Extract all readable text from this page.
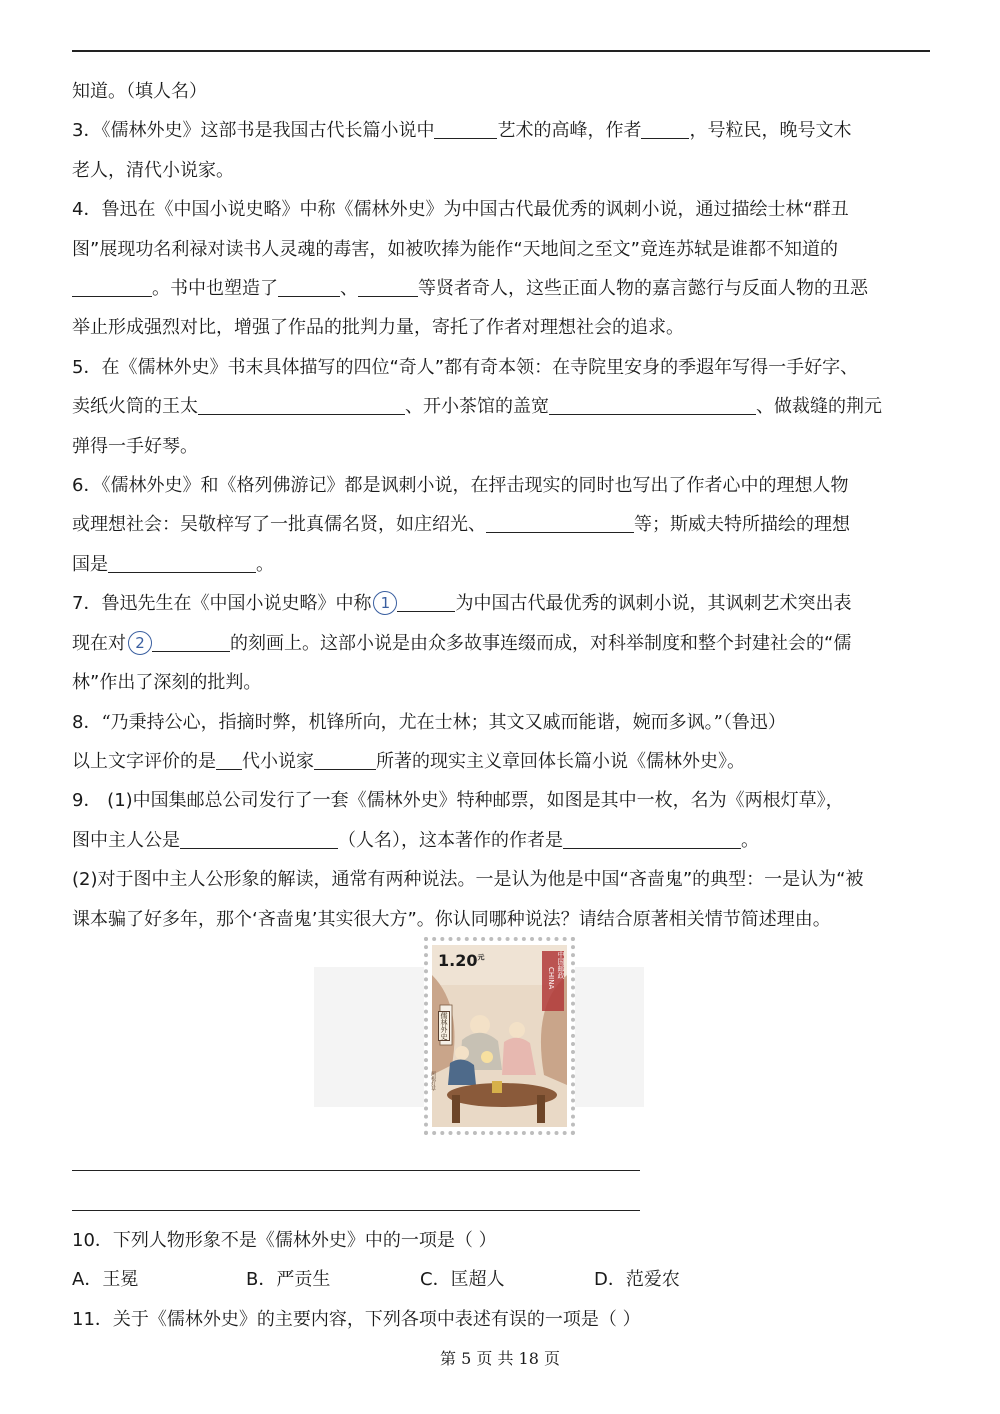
知道。（填人名）

3．《儒林外史》这部书是我国古代长篇小说中	艺术的高峰，作者	，号粒民，晚号文木

老人，清代小说家。

4．鲁迅在《中国小说史略》中称《儒林外史》为中国古代最优秀的讽刺小说，通过描绘士林“群丑

图”展现功名利禄对读书人灵魂的毒害，如被吹捧为能作“天地间之至文”竟连苏轼是谁都不知道的

。书中也塑造了	、	等贤者奇人，这些正面人物的嘉言懿行与反面人物的丑恶

举止形成强烈对比，增强了作品的批判力量，寄托了作者对理想社会的追求。

5．在《儒林外史》书末具体描写的四位“奇人”都有奇本领：在寺院里安身的季遐年写得一手好字、

卖纸火筒的王太	、开小茶馆的盖宽	、做裁缝的荆元

弹得一手好琴。

6．《儒林外史》和《格列佛游记》都是讽刺小说，在抨击现实的同时也写出了作者心中的理想人物

或理想社会：吴敬梓写了一批真儒名贤，如庄绍光、	等；斯威夫特所描绘的理想

国是	。

7．鲁迅先生在《中国小说史略》中称 1	为中国古代最优秀的讽刺小说，其讽刺艺术突出表

现在对 2	的刻画上。这部小说是由众多故事连缀而成，对科举制度和整个封建社会的“儒

林”作出了深刻的批判。

8．“乃秉持公心，指摘时弊，机锋所向，尤在士林；其文又戚而能谐，婉而多讽。”（鲁迅）

以上文字评价的是 代小说家	所著的现实主义章回体长篇小说《儒林外史》。

9． (1)中国集邮总公司发行了一套《儒林外史》特种邮票，如图是其中一枚，名为《两根灯草》，

图中主人公是	（人名），这本著作的作者是	。

(2)对于图中主人公形象的解读，通常有两种说法。一是认为他是中国“吝啬鬼”的典型：一是认为“被

课本骗了好多年，那个‘吝啬鬼’其实很大方”。你认同哪种说法？请结合原著相关情节简述理由。

$1.20^元$
CHINA 中国邮政
儒林外史
两根灯草

10．下列人物形象不是《儒林外史》中的一项是（ ）

A．王冕	B．严贡生	C．匡超人	D．范爱农

11．关于《儒林外史》的主要内容，下列各项中表述有误的一项是（ ）

第 5 页 共 18 页
